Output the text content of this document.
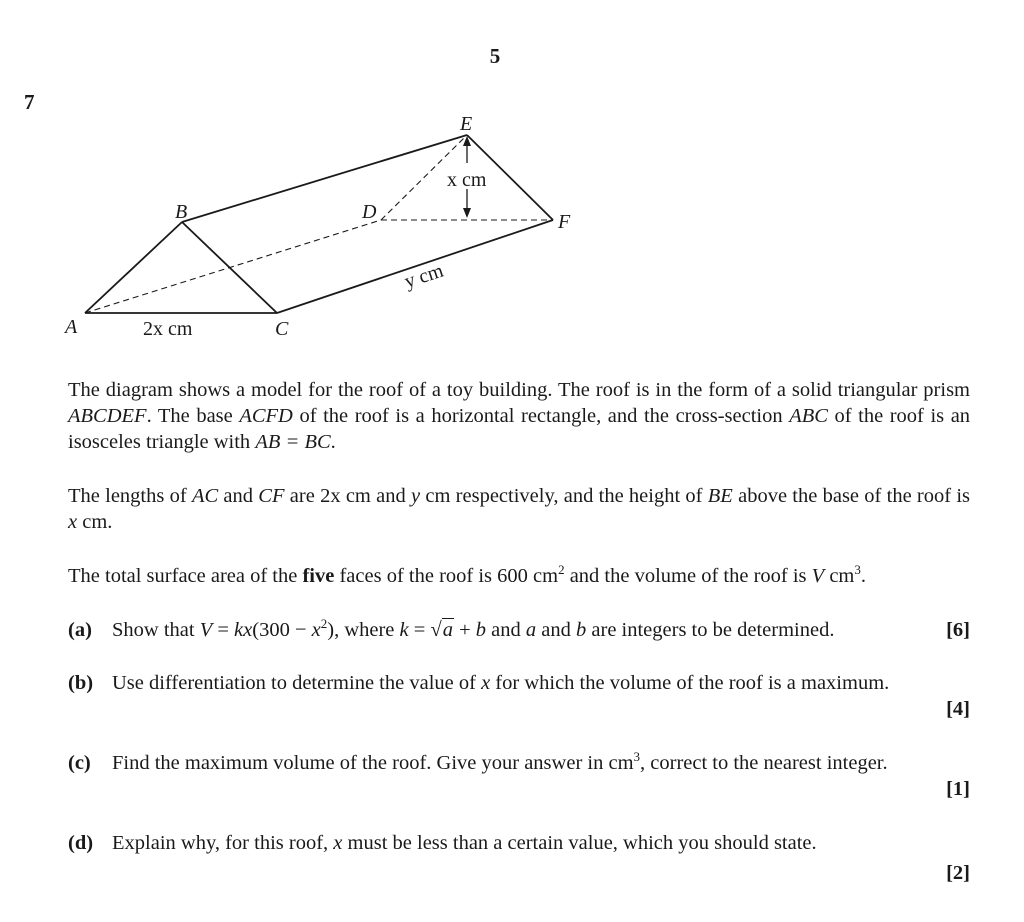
5
7
A
B
C
D
E
F
2x cm
y cm
x cm
The diagram shows a model for the roof of a toy building. The roof is in the form of a solid triangular prism ABCDEF. The base ACFD of the roof is a horizontal rectangle, and the cross-section ABC of the roof is an isosceles triangle with AB = BC.
The lengths of AC and CF are 2x cm and y cm respectively, and the height of BE above the base of the roof is x cm.
The total surface area of the five faces of the roof is 600 $cm^2$ and the volume of the roof is V $cm^3$.
(a) Show that $V = kx(300 - x^2)$, where k = √a + b and a and b are integers to be determined.	[6]
(b) Use differentiation to determine the value of x for which the volume of the roof is a maximum.
[4]
(c) Find the maximum volume of the roof. Give your answer in $cm^3$, correct to the nearest integer.
[1]
(d) Explain why, for this roof, x must be less than a certain value, which you should state.
[2]
